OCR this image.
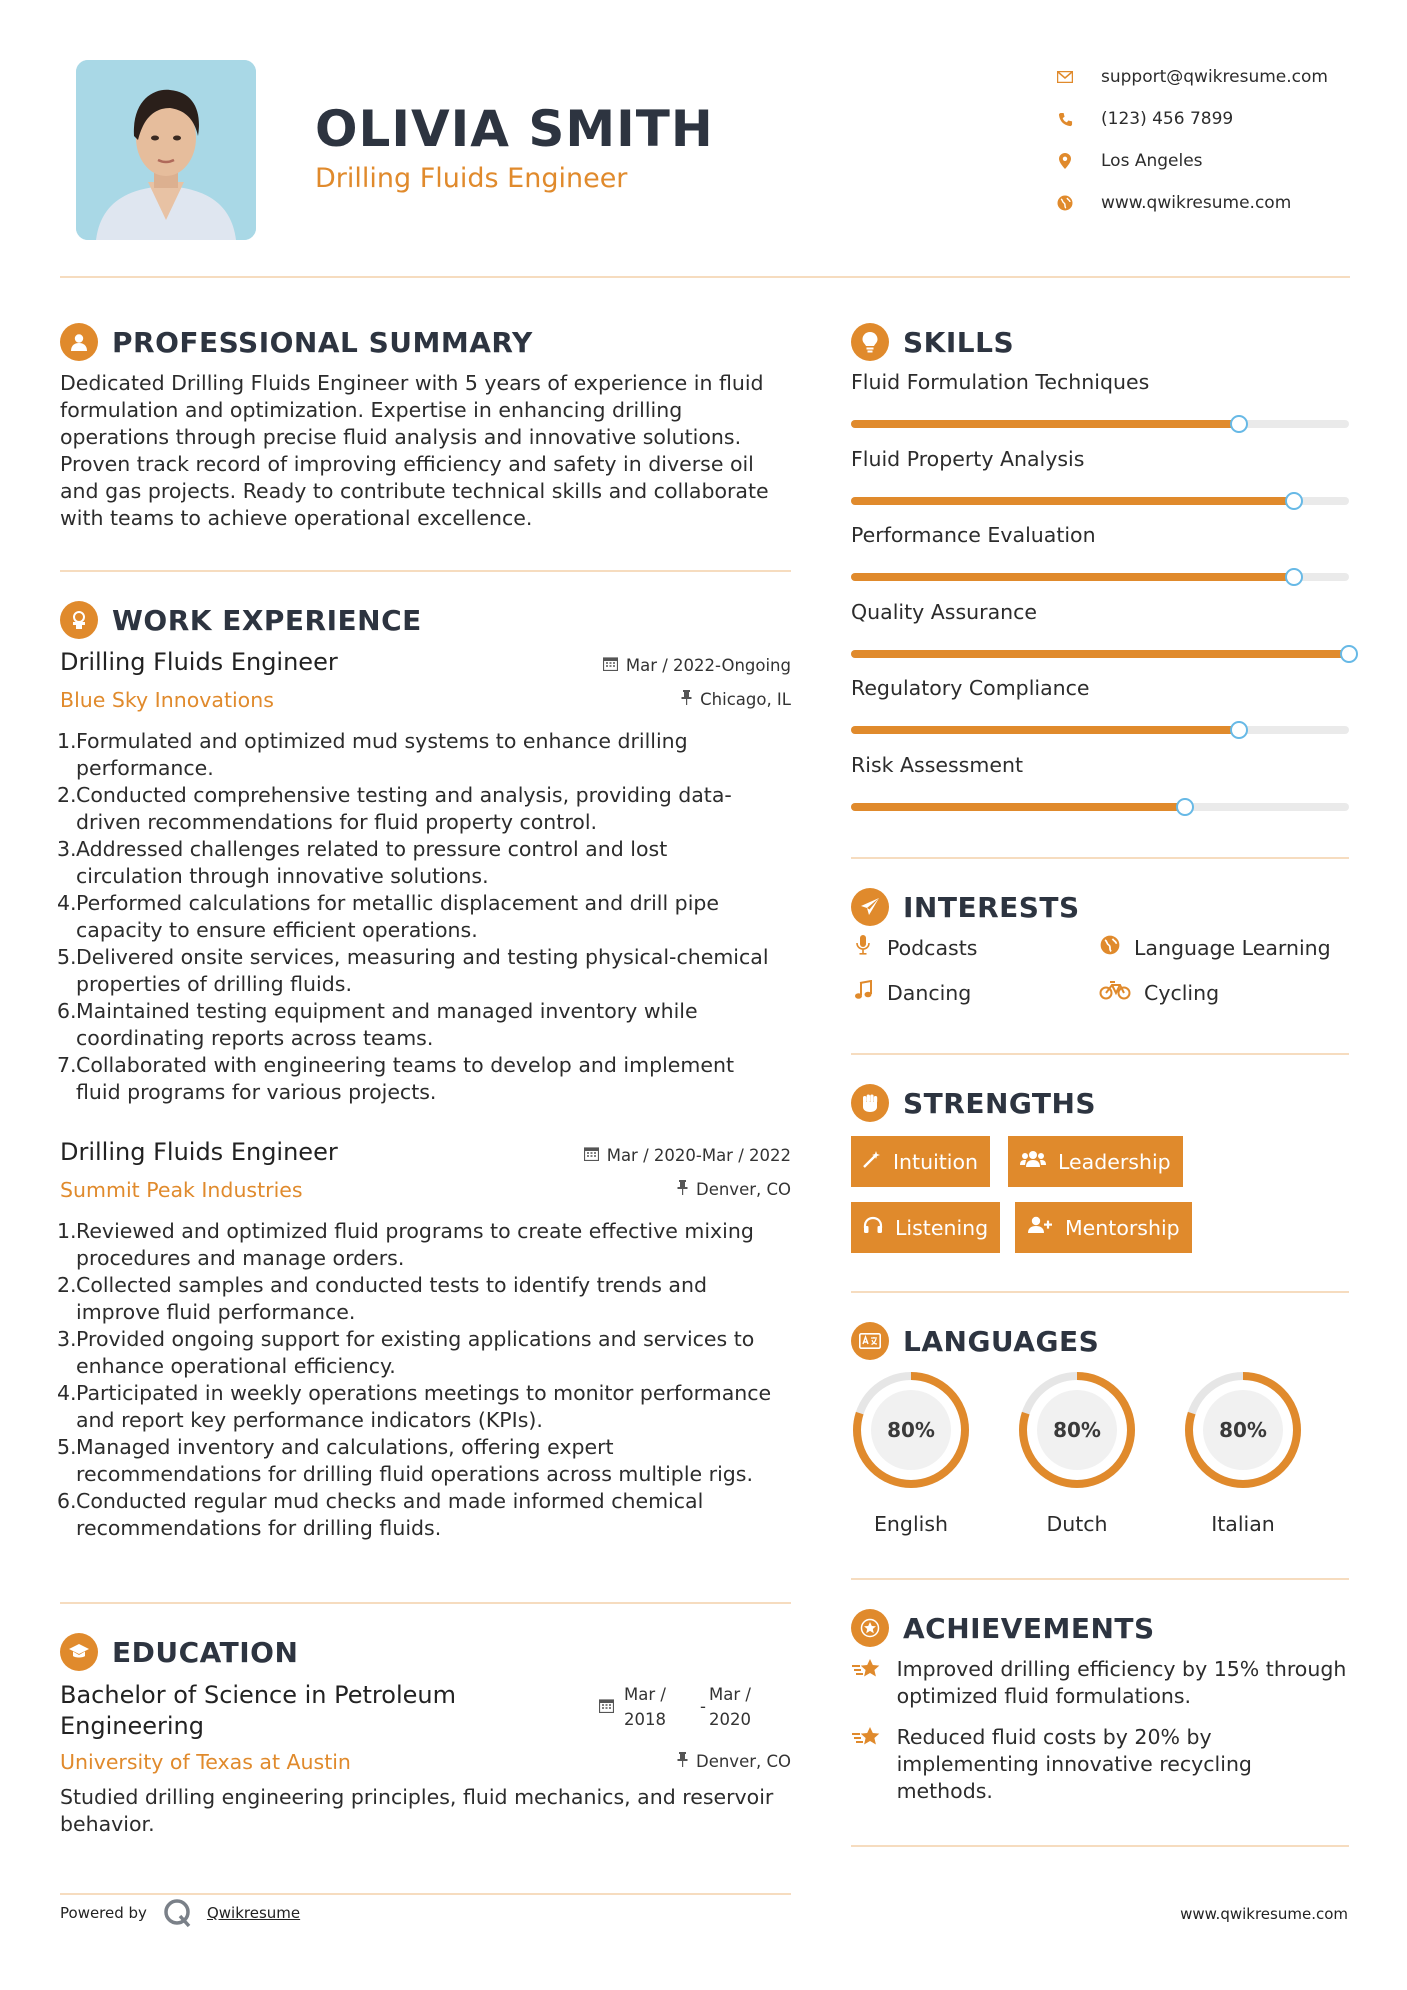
OLIVIA SMITH
Drilling Fluids Engineer
support@qwikresume.com
(123) 456 7899
Los Angeles
www.qwikresume.com
PROFESSIONAL SUMMARY
Dedicated Drilling Fluids Engineer with 5 years of experience in fluid
formulation and optimization. Expertise in enhancing drilling
operations through precise fluid analysis and innovative solutions.
Proven track record of improving efficiency and safety in diverse oil
and gas projects. Ready to contribute technical skills and collaborate
with teams to achieve operational excellence.
WORK EXPERIENCE
Drilling Fluids Engineer
Blue Sky Innovations
Mar / 2022-Ongoing
Chicago, IL
1. Formulated and optimized mud systems to enhance drilling
performance.
2. Conducted comprehensive testing and analysis, providing data-
driven recommendations for fluid property control.
3. Addressed challenges related to pressure control and lost
circulation through innovative solutions.
4. Performed calculations for metallic displacement and drill pipe
capacity to ensure efficient operations.
5. Delivered onsite services, measuring and testing physical-chemical
properties of drilling fluids.
6. Maintained testing equipment and managed inventory while
coordinating reports across teams.
7. Collaborated with engineering teams to develop and implement
fluid programs for various projects.
Drilling Fluids Engineer
Summit Peak Industries
Mar / 2020-Mar / 2022
Denver, CO
1. Reviewed and optimized fluid programs to create effective mixing
procedures and manage orders.
2. Collected samples and conducted tests to identify trends and
improve fluid performance.
3. Provided ongoing support for existing applications and services to
enhance operational efficiency.
4. Participated in weekly operations meetings to monitor performance
and report key performance indicators (KPIs).
5. Managed inventory and calculations, offering expert
recommendations for drilling fluid operations across multiple rigs.
6. Conducted regular mud checks and made informed chemical
recommendations for drilling fluids.
EDUCATION
Bachelor of Science in Petroleum
Engineering
University of Texas at Austin
Mar /
2018
-
Mar /
2020
Denver, CO
Studied drilling engineering principles, fluid mechanics, and reservoir
behavior.
SKILLS
Fluid Formulation Techniques
Fluid Property Analysis
Performance Evaluation
Quality Assurance
Regulatory Compliance
Risk Assessment
INTERESTS
Podcasts	Language Learning
Dancing	Cycling
STRENGTHS
Intuition	Leadership
Listening	Mentorship
LANGUAGES
80%
English
80%
Dutch
80%
Italian
ACHIEVEMENTS
Improved drilling efficiency by 15% through
optimized fluid formulations.
Reduced fluid costs by 20% by
implementing innovative recycling
methods.
Powered by	Qwikresume	www.qwikresume.com
